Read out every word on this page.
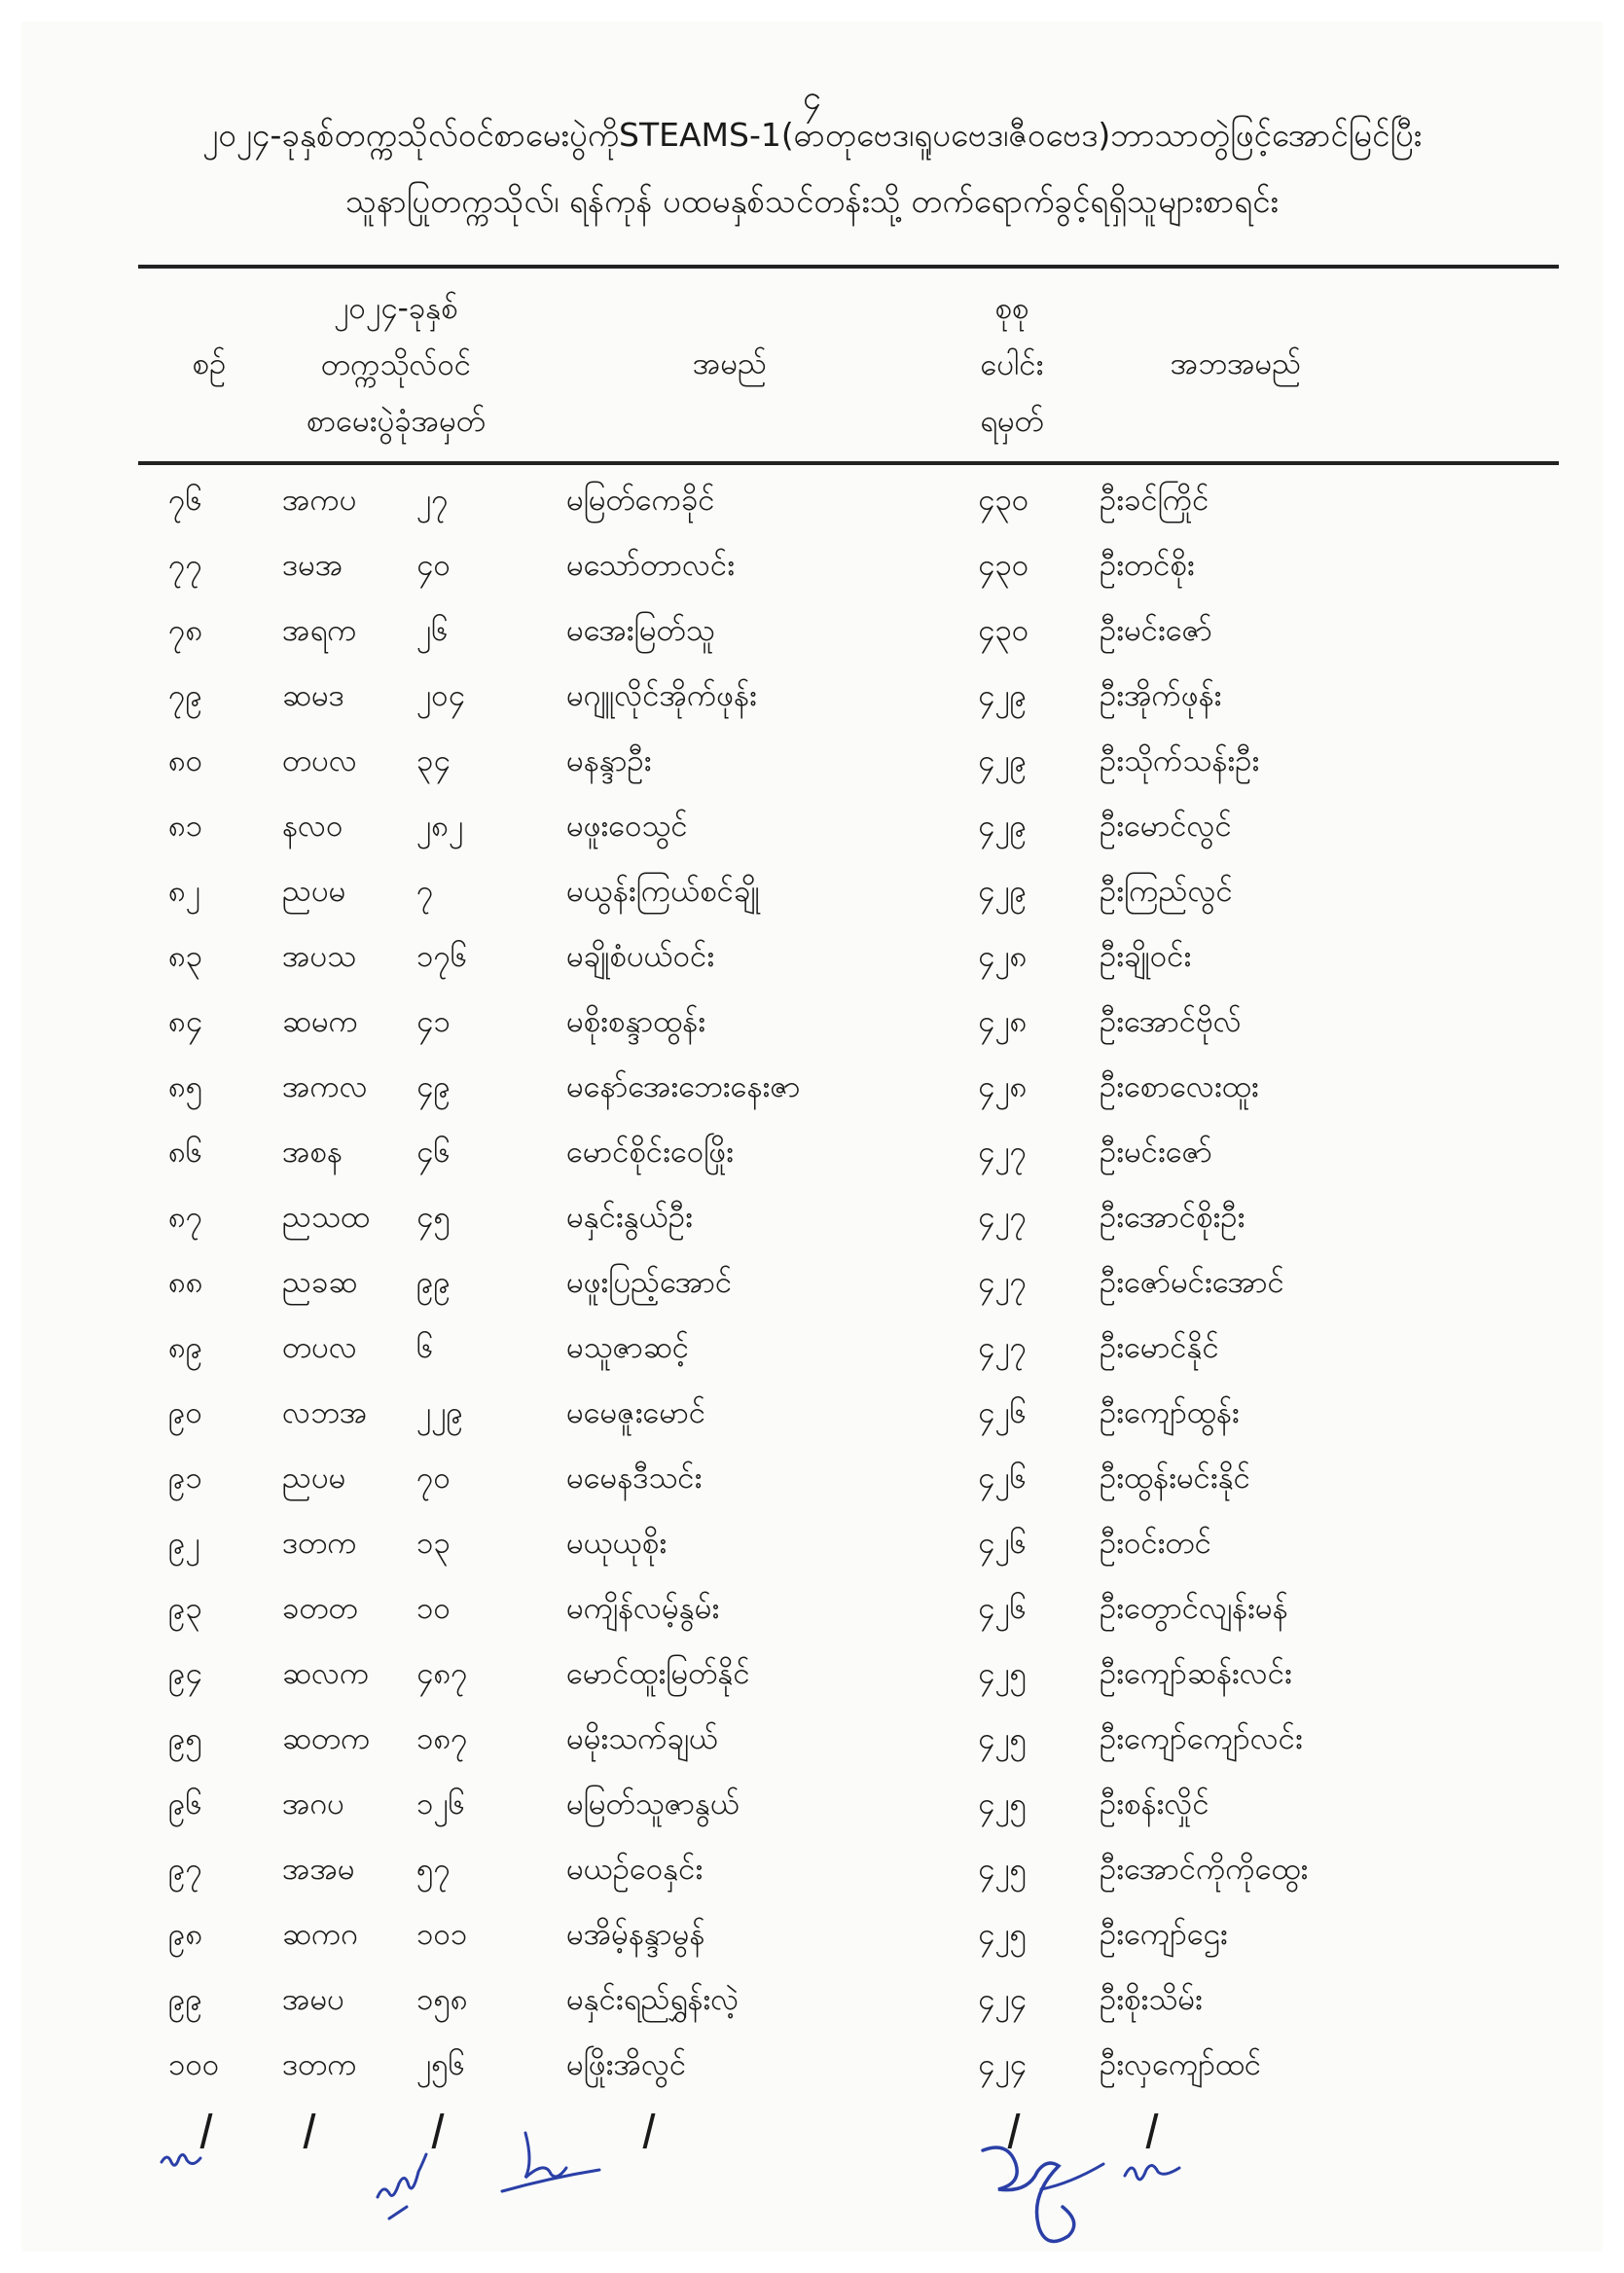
၄
၂၀၂၄-ခုနှစ်တက္ကသိုလ်ဝင်စာမေးပွဲကိုSTEAMS-1(ဓာတုဗေဒ၊ရူပဗေဒ၊ဇီဝဗေဒ)ဘာသာတွဲဖြင့်အောင်မြင်ပြီး
သူနာပြုတက္ကသိုလ်၊ ရန်ကုန် ပထမနှစ်သင်တန်းသို့ တက်ရောက်ခွင့်ရရှိသူများစာရင်း
စဉ်
၂၀၂၄-ခုနှစ်
တက္ကသိုလ်ဝင်
စာမေးပွဲခုံအမှတ်
အမည်
စုစု
ပေါင်း
ရမှတ်
အဘအမည်
၇၆	အကပ ၂၇	မမြတ်ကေခိုင်	၄၃၀ ဦးခင်ကြိုင်
၇၇	ဒမအ ၄၀	မသော်တာလင်း	၄၃၀ ဦးတင်စိုး
၇၈	အရက ၂၆	မအေးမြတ်သူ	၄၃၀ ဦးမင်းဇော်
၇၉	ဆမဒ ၂၀၄	မဂျူလိုင်အိုက်ဖုန်း	၄၂၉ ဦးအိုက်ဖုန်း
၈၀	တပလ ၃၄	မနန္ဒာဦး	၄၂၉ ဦးသိုက်သန်းဦး
၈၁	နလဝ ၂၈၂	မဖူးဝေသွင်	၄၂၉ ဦးမောင်လွင်
၈၂	ညပမ ၇	မယွန်းကြယ်စင်ချို	၄၂၉ ဦးကြည်လွင်
၈၃	အပသ ၁၇၆	မချိုစံပယ်ဝင်း	၄၂၈ ဦးချိုဝင်း
၈၄	ဆမက ၄၁	မစိုးစန္ဒာထွန်း	၄၂၈ ဦးအောင်ဗိုလ်
၈၅	အကလ ၄၉	မနော်အေးဘေးနေးဇာ	၄၂၈ ဦးစောလေးထူး
၈၆	အစန ၄၆	မောင်စိုင်းဝေဖြိုး	၄၂၇ ဦးမင်းဇော်
၈၇	ညသထ ၄၅	မနှင်းနွယ်ဦး	၄၂၇ ဦးအောင်စိုးဦး
၈၈	ညခဆ ၉၉	မဖူးပြည့်အောင်	၄၂၇ ဦးဇော်မင်းအောင်
၈၉	တပလ ၆	မသူဇာဆင့်	၄၂၇ ဦးမောင်နိုင်
၉၀	လဘအ ၂၂၉	မမေဇူးမောင်	၄၂၆ ဦးကျော်ထွန်း
၉၁	ညပမ ၇၀	မမေနဒီသင်း	၄၂၆ ဦးထွန်းမင်းနိုင်
၉၂	ဒတက ၁၃	မယုယုစိုး	၄၂၆ ဦးဝင်းတင်
၉၃	ခတတ ၁၀	မကျိန်လမ့်နွမ်း	၄၂၆ ဦးတွောင်လျန်းမန်
၉၄	ဆလက ၄၈၇	မောင်ထူးမြတ်နိုင်	၄၂၅ ဦးကျော်ဆန်းလင်း
၉၅	ဆတက ၁၈၇	မမိုးသက်ချယ်	၄၂၅ ဦးကျော်ကျော်လင်း
၉၆	အဂပ ၁၂၆	မမြတ်သူဇာနွယ်	၄၂၅ ဦးစန်းလှိုင်
၉၇	အအမ ၅၇	မယဉ်ဝေနှင်း	၄၂၅ ဦးအောင်ကိုကိုထွေး
၉၈	ဆကဂ ၁၀၁	မအိမ့်နန္ဒာမွန်	၄၂၅ ဦးကျော်ဌေး
၉၉	အမပ ၁၅၈	မနှင်းရည်ရွှန်းလဲ့	၄၂၄ ဦးစိုးသိမ်း
၁၀၀ ဒတက ၂၅၆	မဖြိုးအိလွင်	၄၂၄ ဦးလှကျော်ထင်
